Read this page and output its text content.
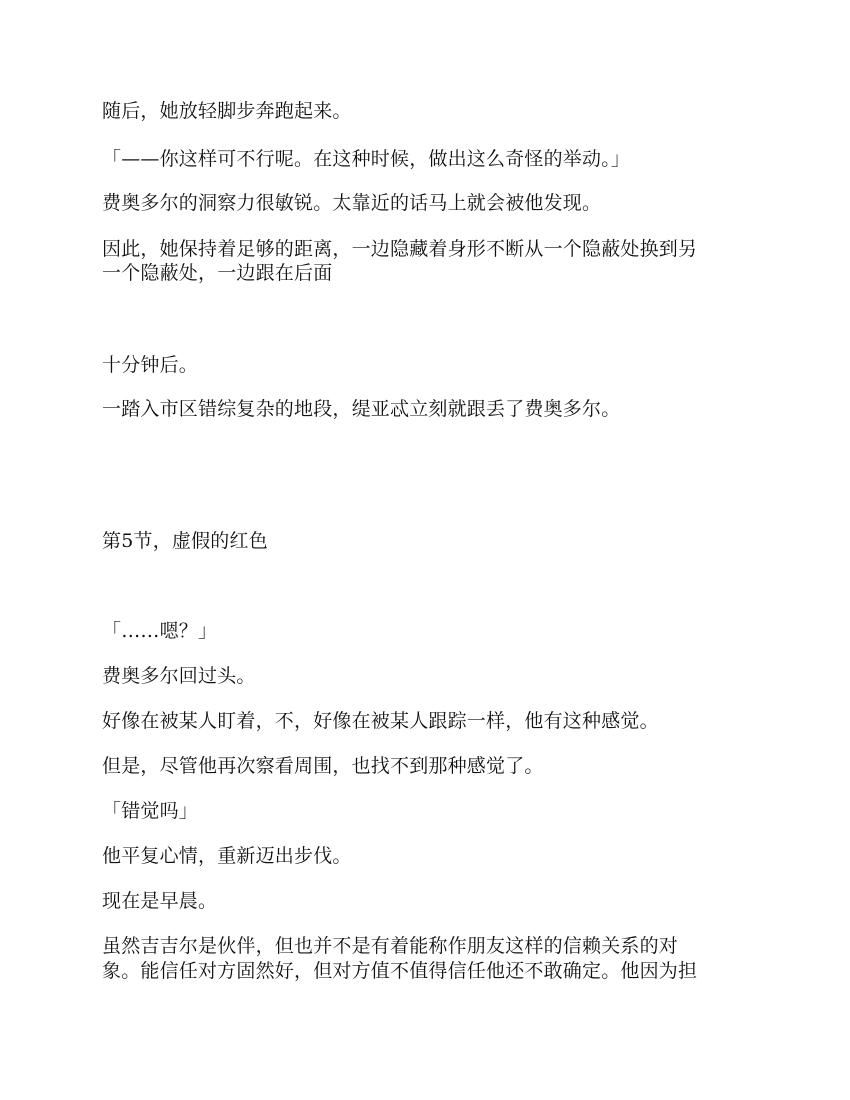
随后，她放轻脚步奔跑起来。
「——你这样可不行呢。在这种时候，做出这么奇怪的举动。」
费奥多尔的洞察力很敏锐。太靠近的话马上就会被他发现。
因此，她保持着足够的距离，一边隐藏着身形不断从一个隐蔽处换到另
一个隐蔽处，一边跟在后面
十分钟后。
一踏入市区错综复杂的地段，缇亚忒立刻就跟丢了费奥多尔。
第5节，虚假的红色
「……嗯？」
费奥多尔回过头。
好像在被某人盯着，不，好像在被某人跟踪一样，他有这种感觉。
但是，尽管他再次察看周围，也找不到那种感觉了。
「错觉吗」
他平复心情，重新迈出步伐。
现在是早晨。
虽然吉吉尔是伙伴，但也并不是有着能称作朋友这样的信赖关系的对
象。能信任对方固然好，但对方值不值得信任他还不敢确定。他因为担
